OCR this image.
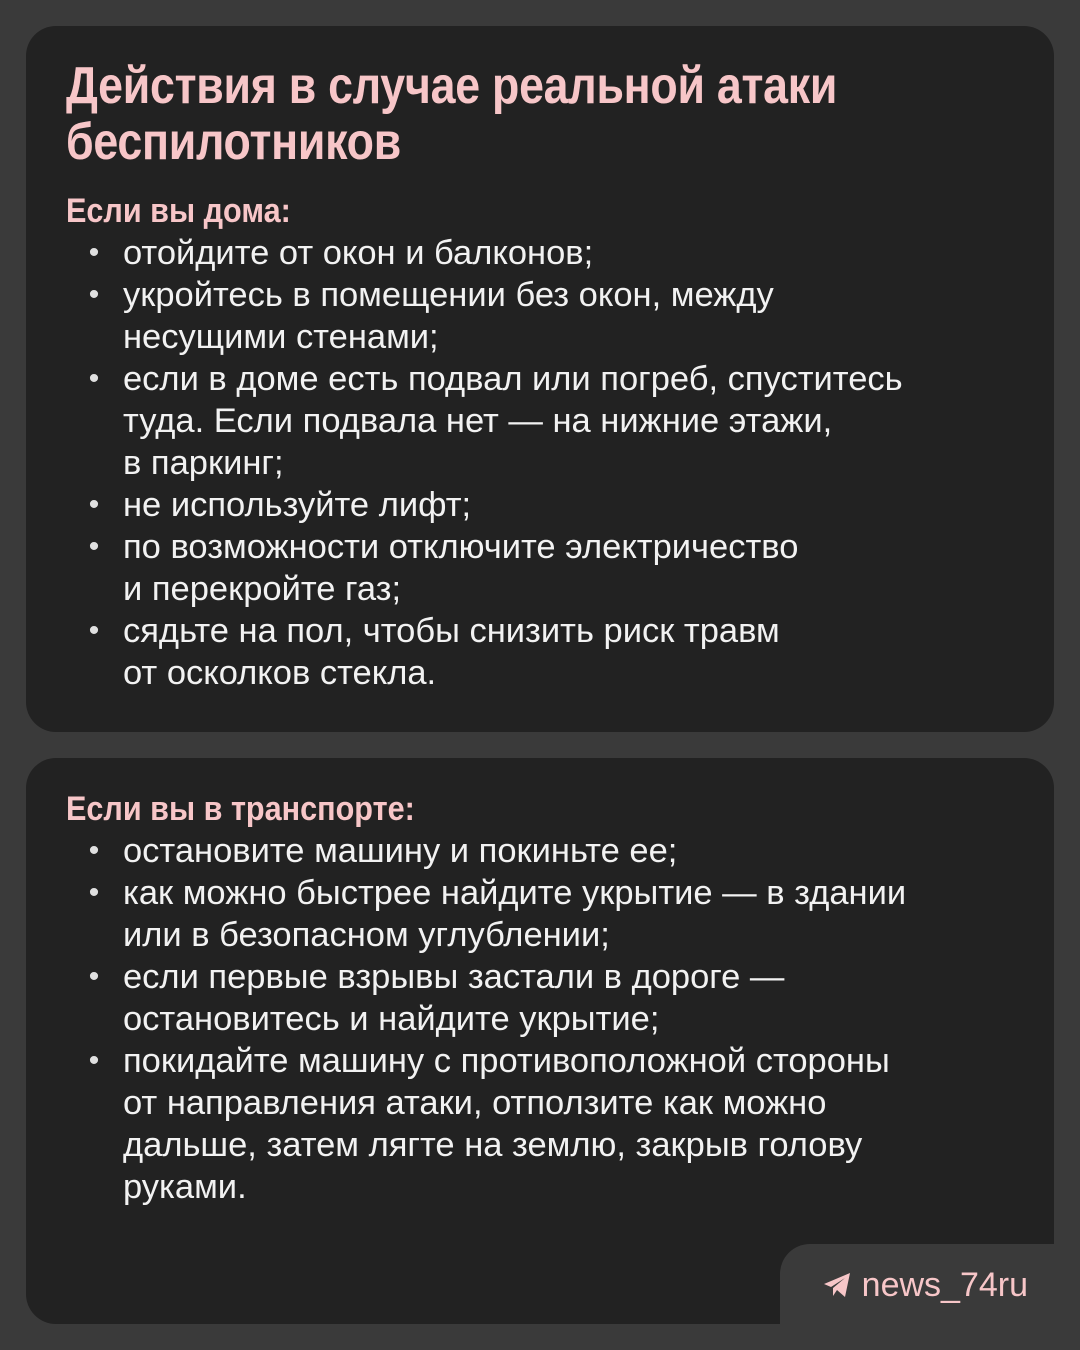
Действия в случае реальной атаки
беспилотников
Если вы дома:
• отойдите от окон и балконов;
• укройтесь в помещении без окон, между
несущими стенами;
• если в доме есть подвал или погреб, спуститесь
туда. Если подвала нет — на нижние этажи,
в паркинг;
• не используйте лифт;
• по возможности отключите электричество
и перекройте газ;
• сядьте на пол, чтобы снизить риск травм
от осколков стекла.
Если вы в транспорте:
• остановите машину и покиньте ее;
• как можно быстрее найдите укрытие — в здании
или в безопасном углублении;
• если первые взрывы застали в дороге —
остановитесь и найдите укрытие;
• покидайте машину с противоположной стороны
от направления атаки, отползите как можно
дальше, затем лягте на землю, закрыв голову
руками.
news_74ru
